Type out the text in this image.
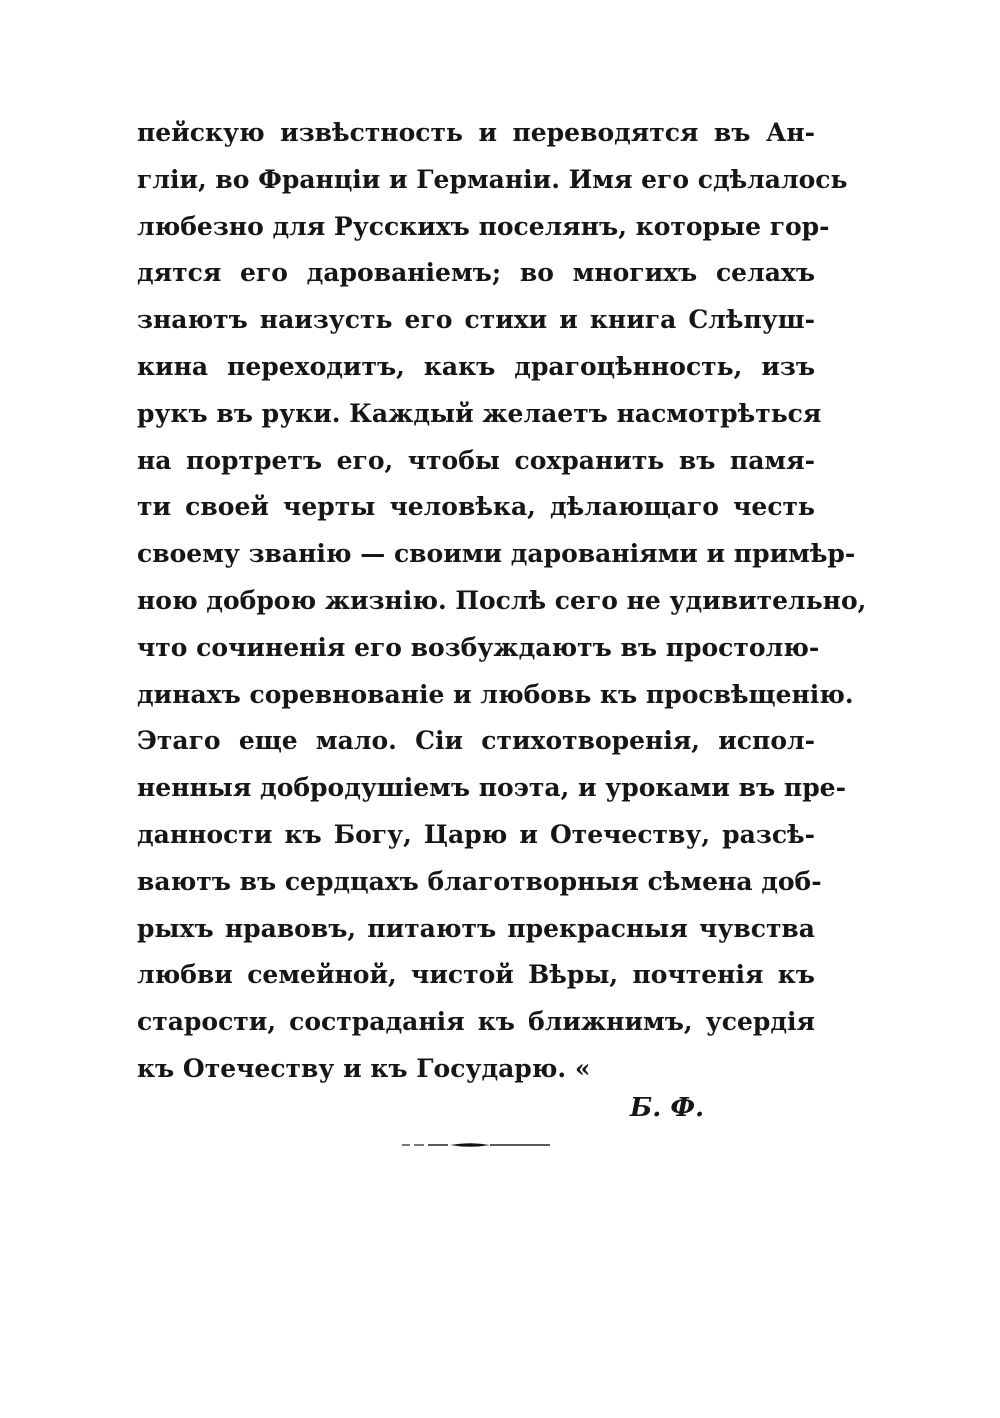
пейскую извѣстность и переводятся въ Ан-
глiи, во Францiи и Германiи. Имя его сдѣлалось
любезно для Русскихъ поселянъ, которые гор-
дятся его дарованiемъ; во многихъ селахъ
знаютъ наизусть его стихи и книга Слѣпуш-
кина переходитъ, какъ драгоцѣнность, изъ
рукъ въ руки. Каждый желаетъ насмотрѣться
на портретъ его, чтобы сохранить въ памя-
ти своей черты человѣка, дѣлающаго честь
своему званiю — своими дарованiями и примѣр-
ною доброю жизнiю. Послѣ сего не удивительно,
что сочиненiя его возбуждаютъ въ простолю-
динахъ соревнованiе и любовь къ просвѣщенiю.
Этаго еще мало. Сiи стихотворенiя, испол-
ненныя добродушiемъ поэта, и уроками въ пре-
данности къ Богу, Царю и Отечеству, разсѣ-
ваютъ въ сердцахъ благотворныя сѣмена доб-
рыхъ нравовъ, питаютъ прекрасныя чувства
любви семейной, чистой Вѣры, почтенiя къ
старости, состраданiя къ ближнимъ, усердiя
къ Отечеству и къ Государю. «
Б. Ф.
